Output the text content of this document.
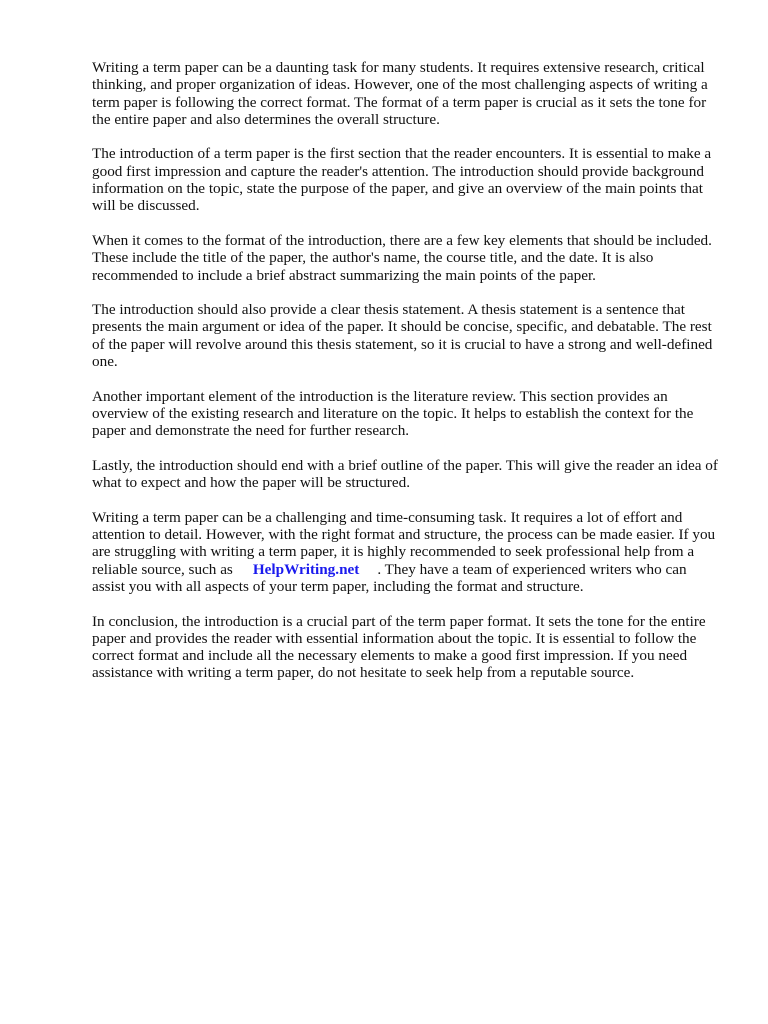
Writing a term paper can be a daunting task for many students. It requires extensive research, critical thinking, and proper organization of ideas. However, one of the most challenging aspects of writing a term paper is following the correct format. The format of a term paper is crucial as it sets the tone for the entire paper and also determines the overall structure.

The introduction of a term paper is the first section that the reader encounters. It is essential to make a good first impression and capture the reader's attention. The introduction should provide background information on the topic, state the purpose of the paper, and give an overview of the main points that will be discussed.

When it comes to the format of the introduction, there are a few key elements that should be included. These include the title of the paper, the author's name, the course title, and the date. It is also recommended to include a brief abstract summarizing the main points of the paper.

The introduction should also provide a clear thesis statement. A thesis statement is a sentence that presents the main argument or idea of the paper. It should be concise, specific, and debatable. The rest of the paper will revolve around this thesis statement, so it is crucial to have a strong and well-defined one.

Another important element of the introduction is the literature review. This section provides an overview of the existing research and literature on the topic. It helps to establish the context for the paper and demonstrate the need for further research.

Lastly, the introduction should end with a brief outline of the paper. This will give the reader an idea of what to expect and how the paper will be structured.

Writing a term paper can be a challenging and time-consuming task. It requires a lot of effort and attention to detail. However, with the right format and structure, the process can be made easier. If you are struggling with writing a term paper, it is highly recommended to seek professional help from a reliable source, such as HelpWriting.net . They have a team of experienced writers who can assist you with all aspects of your term paper, including the format and structure.

In conclusion, the introduction is a crucial part of the term paper format. It sets the tone for the entire paper and provides the reader with essential information about the topic. It is essential to follow the correct format and include all the necessary elements to make a good first impression. If you need assistance with writing a term paper, do not hesitate to seek help from a reputable source.
